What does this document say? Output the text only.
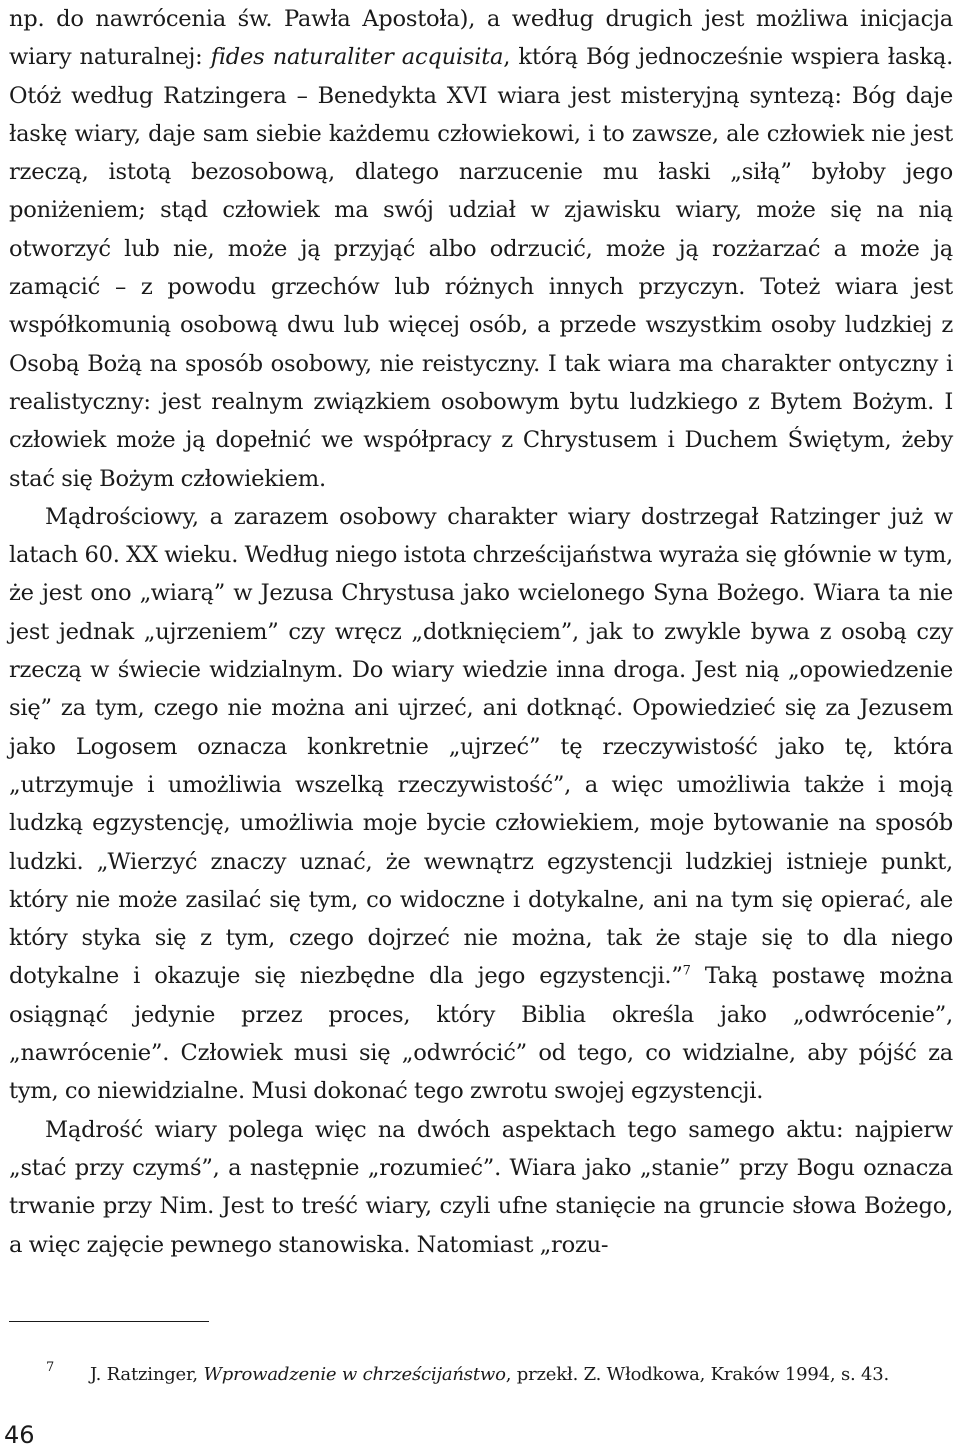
np. do nawrócenia św. Pawła Apostoła), a według drugich jest możliwa inicjacja wiary naturalnej: fides naturaliter acquisita, którą Bóg jednocześnie wspiera łaską. Otóż według Ratzingera – Benedykta XVI wiara jest misteryjną syntezą: Bóg daje łaskę wiary, daje sam siebie każdemu człowiekowi, i to zawsze, ale człowiek nie jest rzeczą, istotą bezosobową, dlatego narzucenie mu łaski „siłą” byłoby jego poniżeniem; stąd człowiek ma swój udział w zjawisku wiary, może się na nią otworzyć lub nie, może ją przyjąć albo odrzucić, może ją rozżarzać a może ją zamącić – z powodu grzechów lub różnych innych przyczyn. Toteż wiara jest współkomunią osobową dwu lub więcej osób, a przede wszystkim osoby ludzkiej z Osobą Bożą na sposób osobowy, nie reistyczny. I tak wiara ma charakter ontyczny i realistyczny: jest realnym związkiem osobowym bytu ludzkiego z Bytem Bożym. I człowiek może ją dopełnić we współpracy z Chrystusem i Duchem Świętym, żeby stać się Bożym człowiekiem.

Mądrościowy, a zarazem osobowy charakter wiary dostrzegał Ratzinger już w latach 60. XX wieku. Według niego istota chrześcijaństwa wyraża się głównie w tym, że jest ono „wiarą” w Jezusa Chrystusa jako wcielonego Syna Bożego. Wiara ta nie jest jednak „ujrzeniem” czy wręcz „dotknięciem”, jak to zwykle bywa z osobą czy rzeczą w świecie widzialnym. Do wiary wiedzie inna droga. Jest nią „opowiedzenie się” za tym, czego nie można ani ujrzeć, ani dotknąć. Opowiedzieć się za Jezusem jako Logosem oznacza konkretnie „ujrzeć” tę rzeczywistość jako tę, która „utrzymuje i umożliwia wszelką rzeczywistość”, a więc umożliwia także i moją ludzką egzystencję, umożliwia moje bycie człowiekiem, moje bytowanie na sposób ludzki. „Wierzyć znaczy uznać, że wewnątrz egzystencji ludzkiej istnieje punkt, który nie może zasilać się tym, co widoczne i dotykalne, ani na tym się opierać, ale który styka się z tym, czego dojrzeć nie można, tak że staje się to dla niego dotykalne i okazuje się niezbędne dla jego egzystencji.”$^7$ Taką postawę można osiągnąć jedynie przez proces, który Biblia określa jako „odwrócenie”, „nawrócenie”. Człowiek musi się „odwrócić” od tego, co widzialne, aby pójść za tym, co niewidzialne. Musi dokonać tego zwrotu swojej egzystencji.

Mądrość wiary polega więc na dwóch aspektach tego samego aktu: najpierw „stać przy czymś”, a następnie „rozumieć”. Wiara jako „stanie” przy Bogu oznacza trwanie przy Nim. Jest to treść wiary, czyli ufne stanięcie na gruncie słowa Bożego, a więc zajęcie pewnego stanowiska. Natomiast „rozu-

7 J. Ratzinger, Wprowadzenie w chrześcijaństwo, przekł. Z. Włodkowa, Kraków 1994, s. 43.
46
